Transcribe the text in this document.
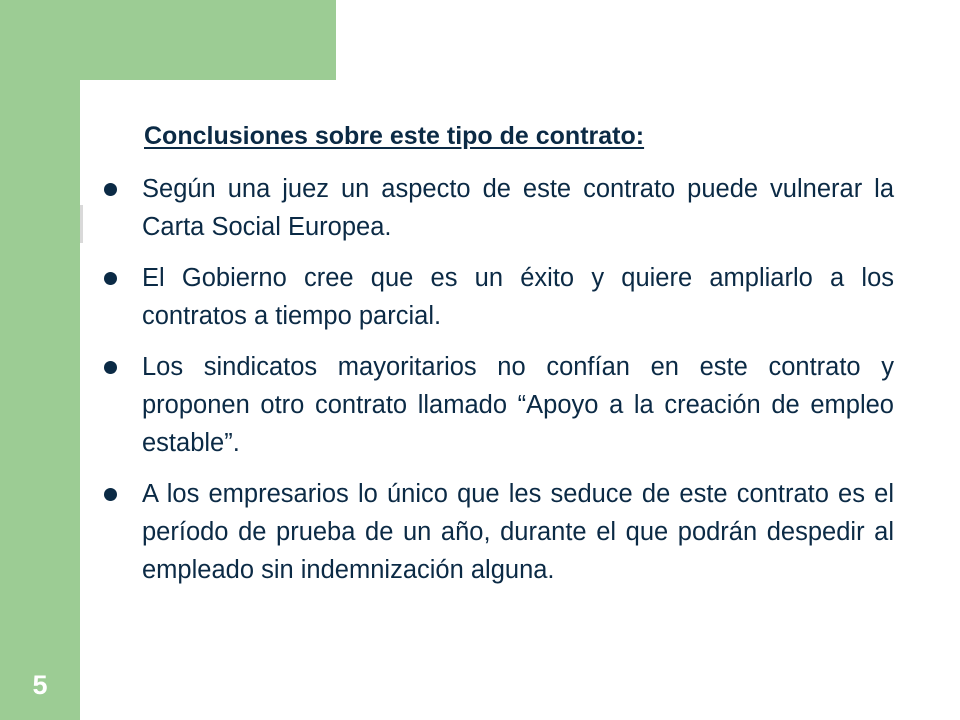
5
Conclusiones sobre este tipo de contrato:
Según una juez un aspecto de este contrato puede vulnerar la Carta Social Europea.
El Gobierno cree que es un éxito y quiere ampliarlo a los contratos a tiempo parcial.
Los sindicatos mayoritarios no confían en este contrato y proponen otro contrato llamado “Apoyo a la creación de empleo estable”.
A los empresarios lo único que les seduce de este contrato es el período de prueba de un año, durante el que podrán despedir al empleado sin indemnización alguna.
